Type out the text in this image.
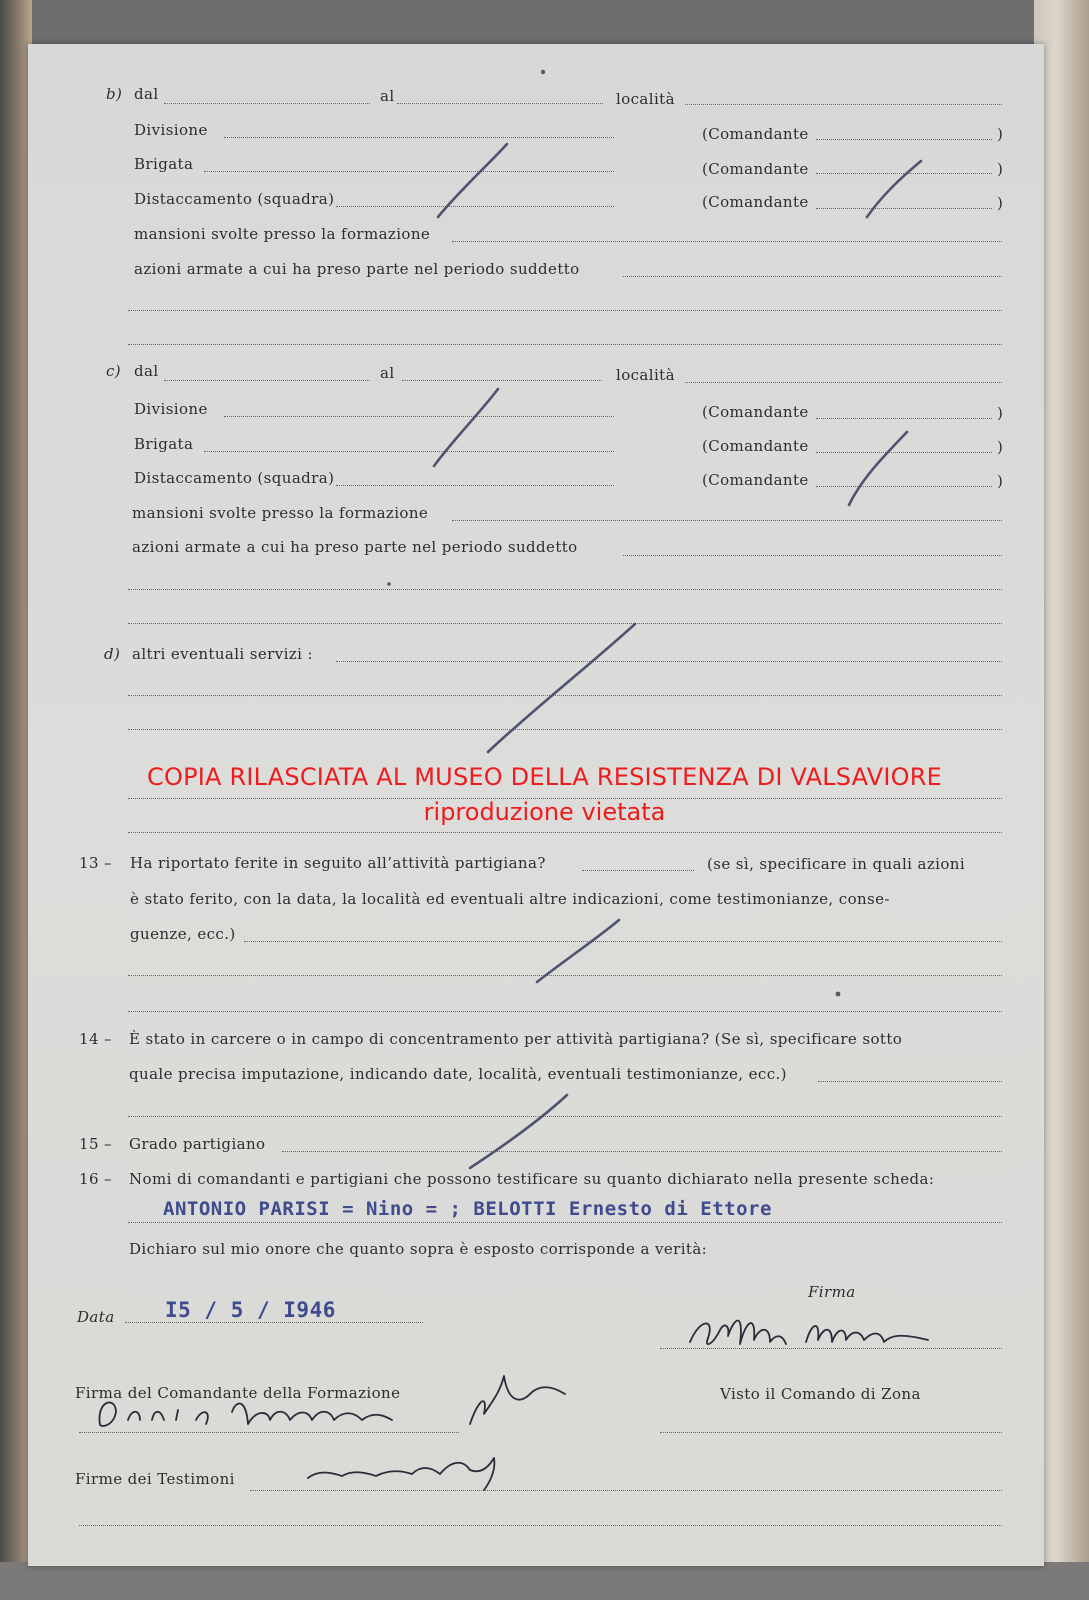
b) dal	al	località
Divisione	(Comandante	)
Brigata	(Comandante	)
Distaccamento (squadra)	(Comandante	)
mansioni svolte presso la formazione
azioni armate a cui ha preso parte nel periodo suddetto
c) dal	al	località
Divisione	(Comandante	)
Brigata	(Comandante	)
Distaccamento (squadra)	(Comandante	)
mansioni svolte presso la formazione
azioni armate a cui ha preso parte nel periodo suddetto
d) altri eventuali servizi :
COPIA RILASCIATA AL MUSEO DELLA RESISTENZA DI VALSAVIORE
riproduzione vietata
13 – Ha riportato ferite in seguito all’attività partigiana?	(se sì, specificare in quali azioni
è stato ferito, con la data, la località ed eventuali altre indicazioni, come testimonianze, conse-
guenze, ecc.)
14 – È stato in carcere o in campo di concentramento per attività partigiana? (Se sì, specificare sotto
quale precisa imputazione, indicando date, località, eventuali testimonianze, ecc.)
15 – Grado partigiano
16 – Nomi di comandanti e partigiani che possono testificare su quanto dichiarato nella presente scheda:
ANTONIO PARISI = Nino = ; BELOTTI Ernesto di Ettore
Dichiaro sul mio onore che quanto sopra è esposto corrisponde a verità:
Firma
Data I5 / 5 / I946
Firma del Comandante della Formazione	Visto il Comando di Zona
Firme dei Testimoni
